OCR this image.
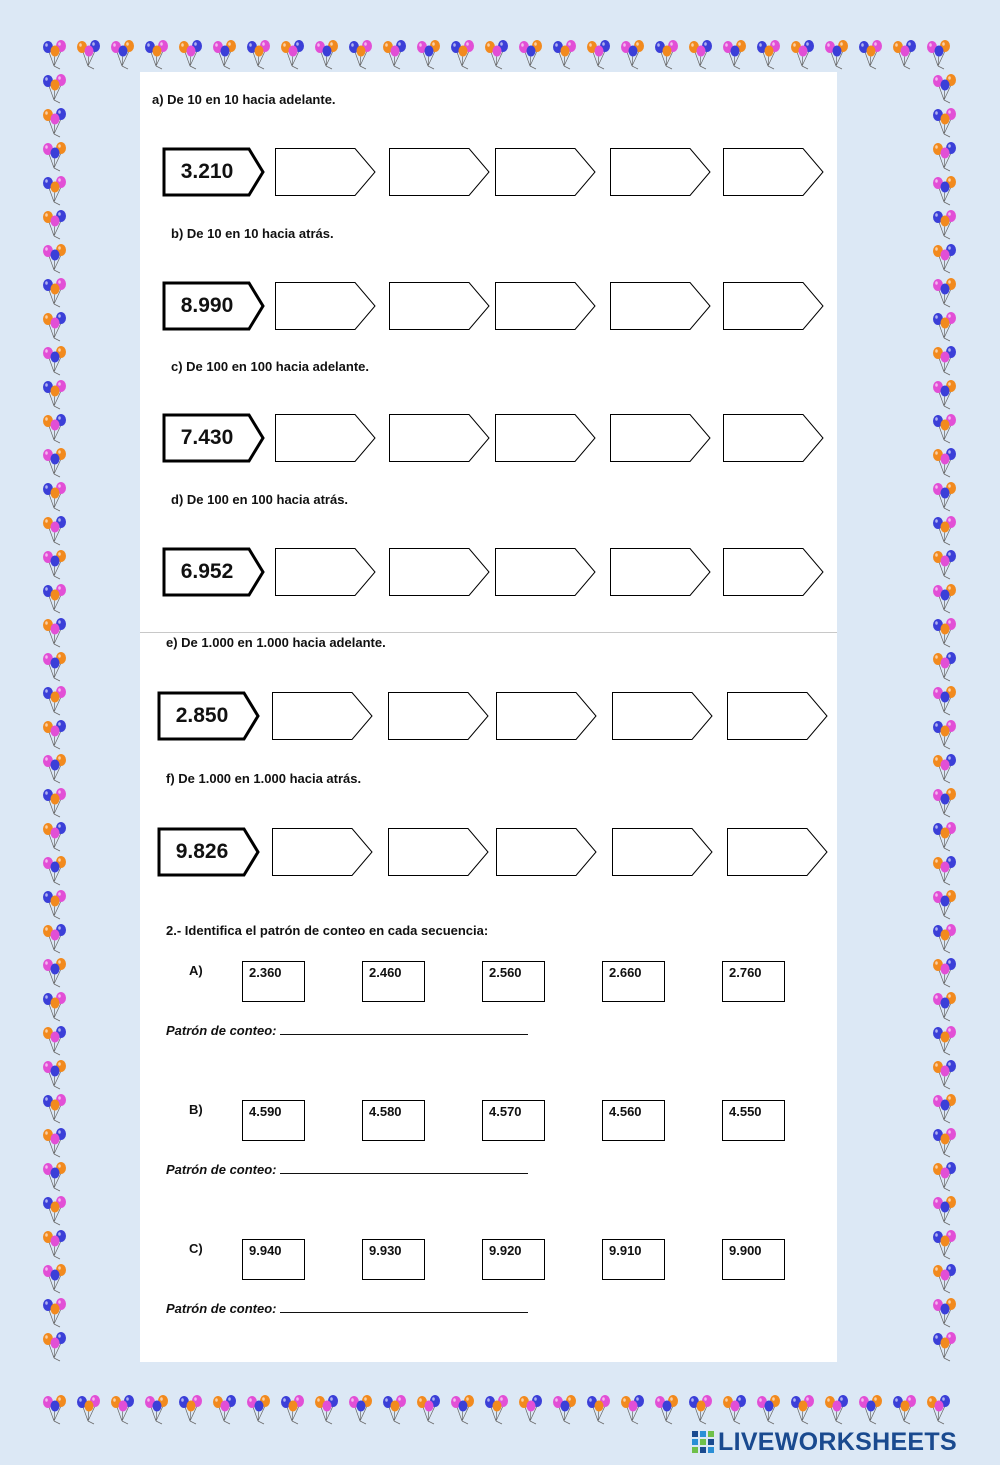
a) De 10 en 10 hacia adelante.
b) De 10 en 10 hacia atrás.
c) De 100 en 100 hacia adelante.
d) De 100 en 100 hacia atrás.
e) De 1.000 en 1.000 hacia adelante.
f) De 1.000 en 1.000 hacia atrás.
3.210
8.990
7.430
6.952
2.850
9.826
2.- Identifica el patrón de conteo en cada secuencia:
A)	2.360	2.460	2.560	2.660	2.760
Patrón de conteo:
B)	4.590	4.580	4.570	4.560	4.550
Patrón de conteo:
C)	9.940	9.930	9.920	9.910	9.900
Patrón de conteo:
LIVEWORKSHEETS
